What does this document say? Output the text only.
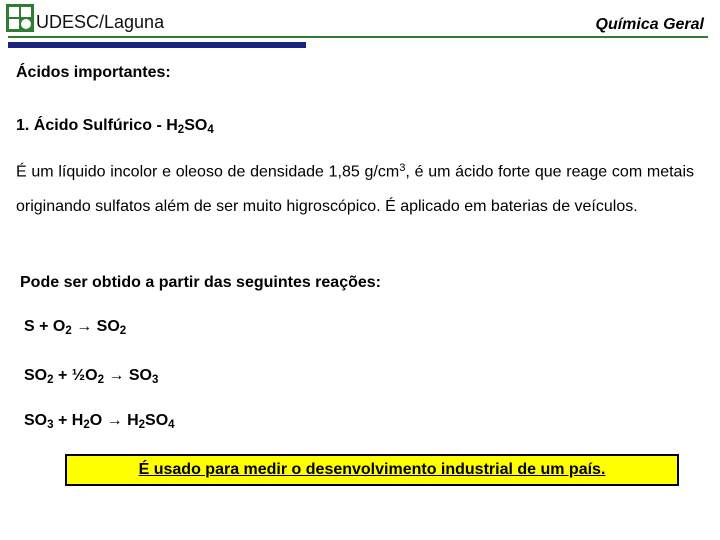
UDESC/Laguna	Química Geral
Ácidos importantes:
1. Ácido Sulfúrico - $H_2SO_4$
É um líquido incolor e oleoso de densidade 1,85 $g/cm^3$, é um ácido forte que reage com metais originando sulfatos além de ser muito higroscópico. É aplicado em baterias de veículos.
Pode ser obtido a partir das seguintes reações:
$S + O_2 \to SO_2$
$SO_2$ + $\frac{1}{2}O_2 \to SO_3$
$SO_3 + H_2O \to H_2SO_4$
É usado para medir o desenvolvimento industrial de um país.
